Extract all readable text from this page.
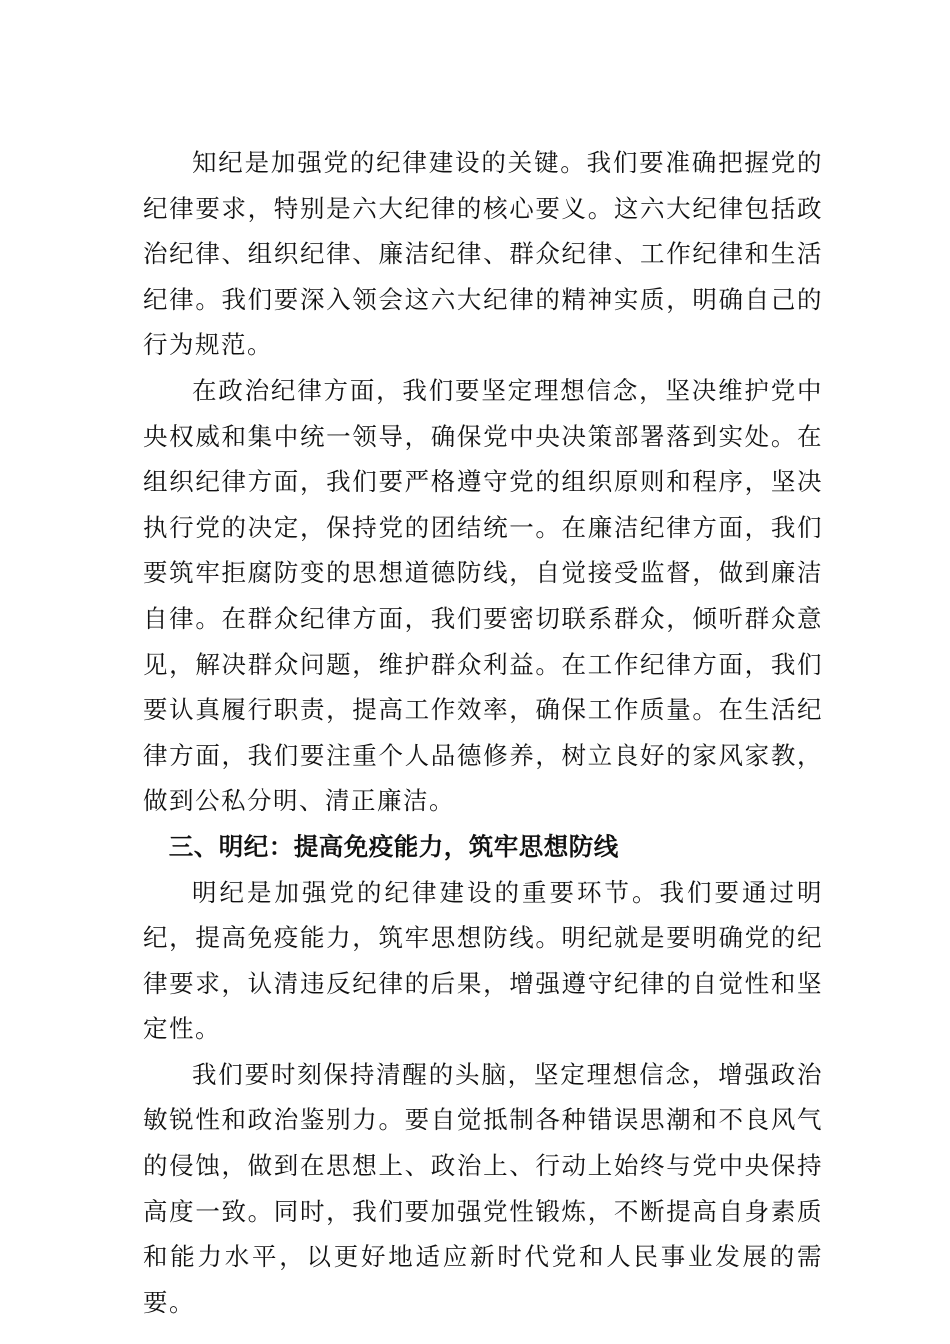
知纪是加强党的纪律建设的关键。我们要准确把握党的纪律要求，特别是六大纪律的核心要义。这六大纪律包括政治纪律、组织纪律、廉洁纪律、群众纪律、工作纪律和生活纪律。我们要深入领会这六大纪律的精神实质，明确自己的行为规范。

在政治纪律方面，我们要坚定理想信念，坚决维护党中央权威和集中统一领导，确保党中央决策部署落到实处。在组织纪律方面，我们要严格遵守党的组织原则和程序，坚决执行党的决定，保持党的团结统一。在廉洁纪律方面，我们要筑牢拒腐防变的思想道德防线，自觉接受监督，做到廉洁自律。在群众纪律方面，我们要密切联系群众，倾听群众意见，解决群众问题，维护群众利益。在工作纪律方面，我们要认真履行职责，提高工作效率，确保工作质量。在生活纪律方面，我们要注重个人品德修养，树立良好的家风家教，做到公私分明、清正廉洁。

三、明纪：提高免疫能力，筑牢思想防线

明纪是加强党的纪律建设的重要环节。我们要通过明纪，提高免疫能力，筑牢思想防线。明纪就是要明确党的纪律要求，认清违反纪律的后果，增强遵守纪律的自觉性和坚定性。

我们要时刻保持清醒的头脑，坚定理想信念，增强政治敏锐性和政治鉴别力。要自觉抵制各种错误思潮和不良风气的侵蚀，做到在思想上、政治上、行动上始终与党中央保持高度一致。同时，我们要加强党性锻炼，不断提高自身素质和能力水平，以更好地适应新时代党和人民事业发展的需要。
